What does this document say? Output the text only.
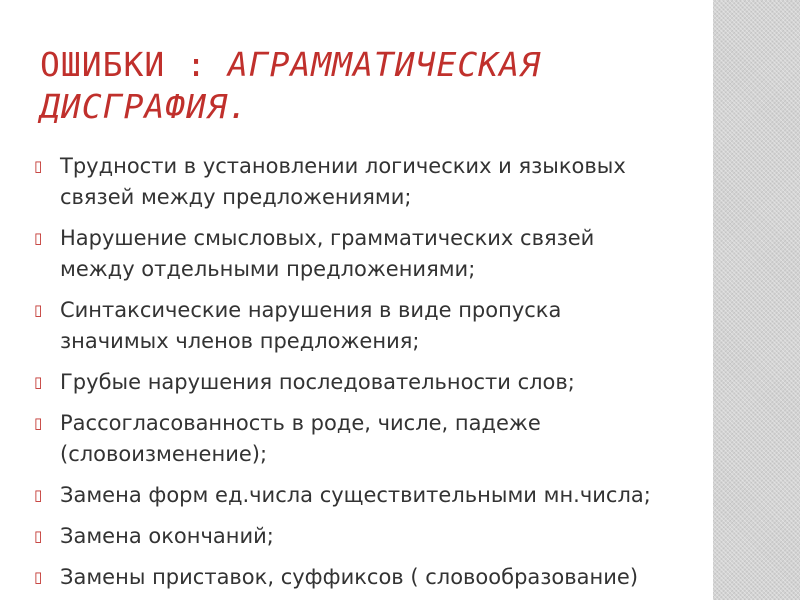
ОШИБКИ : АГРАММАТИЧЕСКАЯ ДИСГРАФИЯ.
▯ Трудности в установлении логических и языковых
связей между предложениями;
▯ Нарушение смысловых, грамматических связей
между отдельными предложениями;
▯ Синтаксические нарушения в виде пропуска
значимых членов предложения;
▯ Грубые нарушения последовательности слов;
▯ Рассогласованность в роде, числе, падеже
(словоизменение);
▯ Замена форм ед.числа существительными мн.числа;
▯ Замена окончаний;
▯ Замены приставок, суффиксов ( словообразование)
